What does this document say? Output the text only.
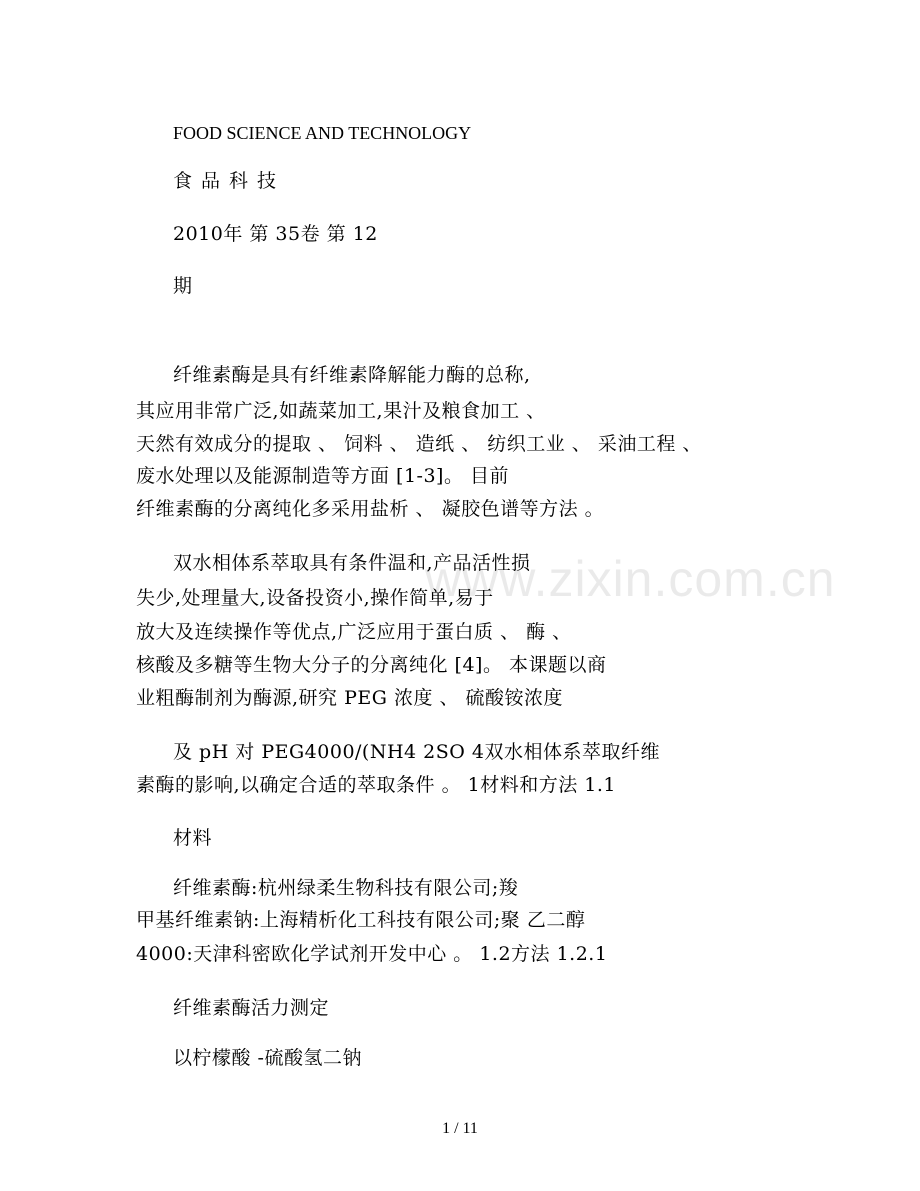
www.zixin.com.cn
FOOD SCIENCE AND TECHNOLOGY
食品科技
2010年 第 35卷 第 12
期
纤维素酶是具有纤维素降解能力酶的总称,
其应用非常广泛,如蔬菜加工,果汁及粮食加工 、
天然有效成分的提取 、 饲料 、 造纸 、 纺织工业 、 采油工程 、
废水处理以及能源制造等方面 [1-3]。 目前
纤维素酶的分离纯化多采用盐析 、 凝胶色谱等方法 。
双水相体系萃取具有条件温和,产品活性损
失少,处理量大,设备投资小,操作简单,易于
放大及连续操作等优点,广泛应用于蛋白质 、 酶 、
核酸及多糖等生物大分子的分离纯化 [4]。 本课题以商
业粗酶制剂为酶源,研究 PEG 浓度 、 硫酸铵浓度
及 pH 对 PEG4000/(NH4 2SO 4双水相体系萃取纤维
素酶的影响,以确定合适的萃取条件 。 1材料和方法 1.1
材料
纤维素酶:杭州绿柔生物科技有限公司;羧
甲基纤维素钠:上海精析化工科技有限公司;聚 乙二醇
4000:天津科密欧化学试剂开发中心 。 1.2方法 1.2.1
纤维素酶活力测定
以柠檬酸 -硫酸氢二钠
1 / 11
